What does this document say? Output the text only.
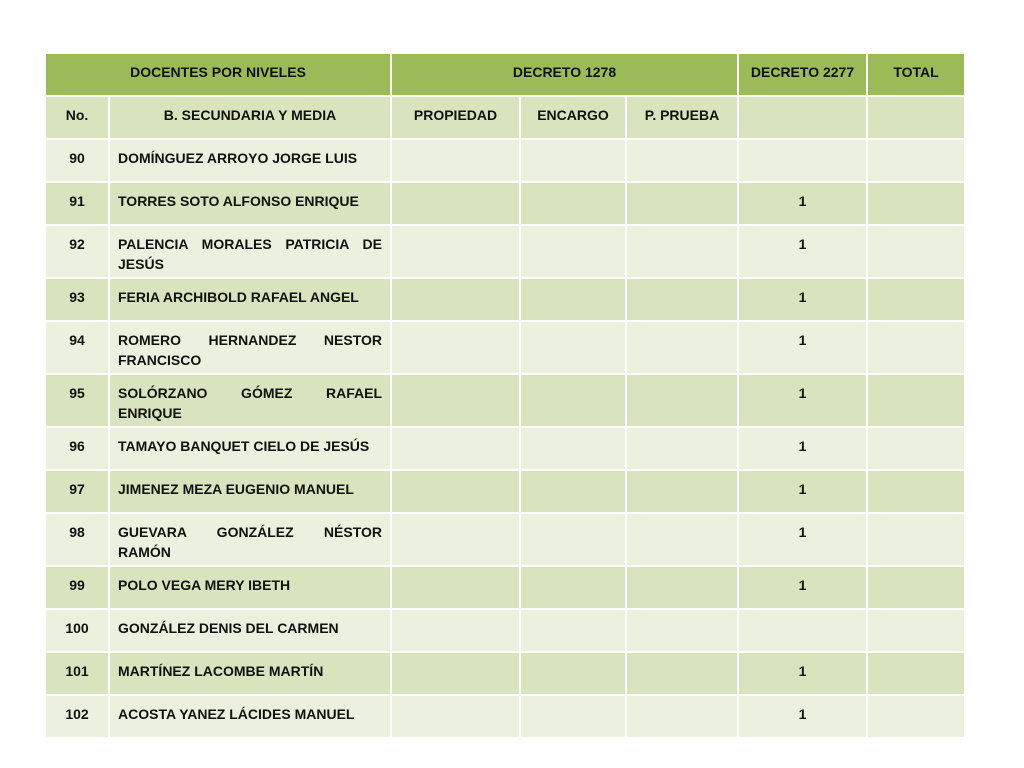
DOCENTES POR NIVELES		DECRETO 1278			DECRETO 2277	TOTAL

No.	B. SECUNDARIA Y MEDIA	PROPIEDAD	ENCARGO	P. PRUEBA		

90	DOMÍNGUEZ ARROYO JORGE LUIS					

91	TORRES SOTO ALFONSO ENRIQUE				1	

92	PALENCIA MORALES PATRICIA DE JESÚS				1	

93	FERIA ARCHIBOLD RAFAEL ANGEL				1	

94	ROMERO HERNANDEZ NESTOR FRANCISCO				1	

95	SOLÓRZANO GÓMEZ RAFAEL ENRIQUE				1	

96	TAMAYO BANQUET CIELO DE JESÚS				1	

97	JIMENEZ MEZA EUGENIO MANUEL				1	

98	GUEVARA GONZÁLEZ NÉSTOR RAMÓN				1	

99	POLO VEGA MERY IBETH				1	

100	GONZÁLEZ DENIS DEL CARMEN					

101	MARTÍNEZ LACOMBE MARTÍN				1	

102	ACOSTA YANEZ LÁCIDES MANUEL				1	
